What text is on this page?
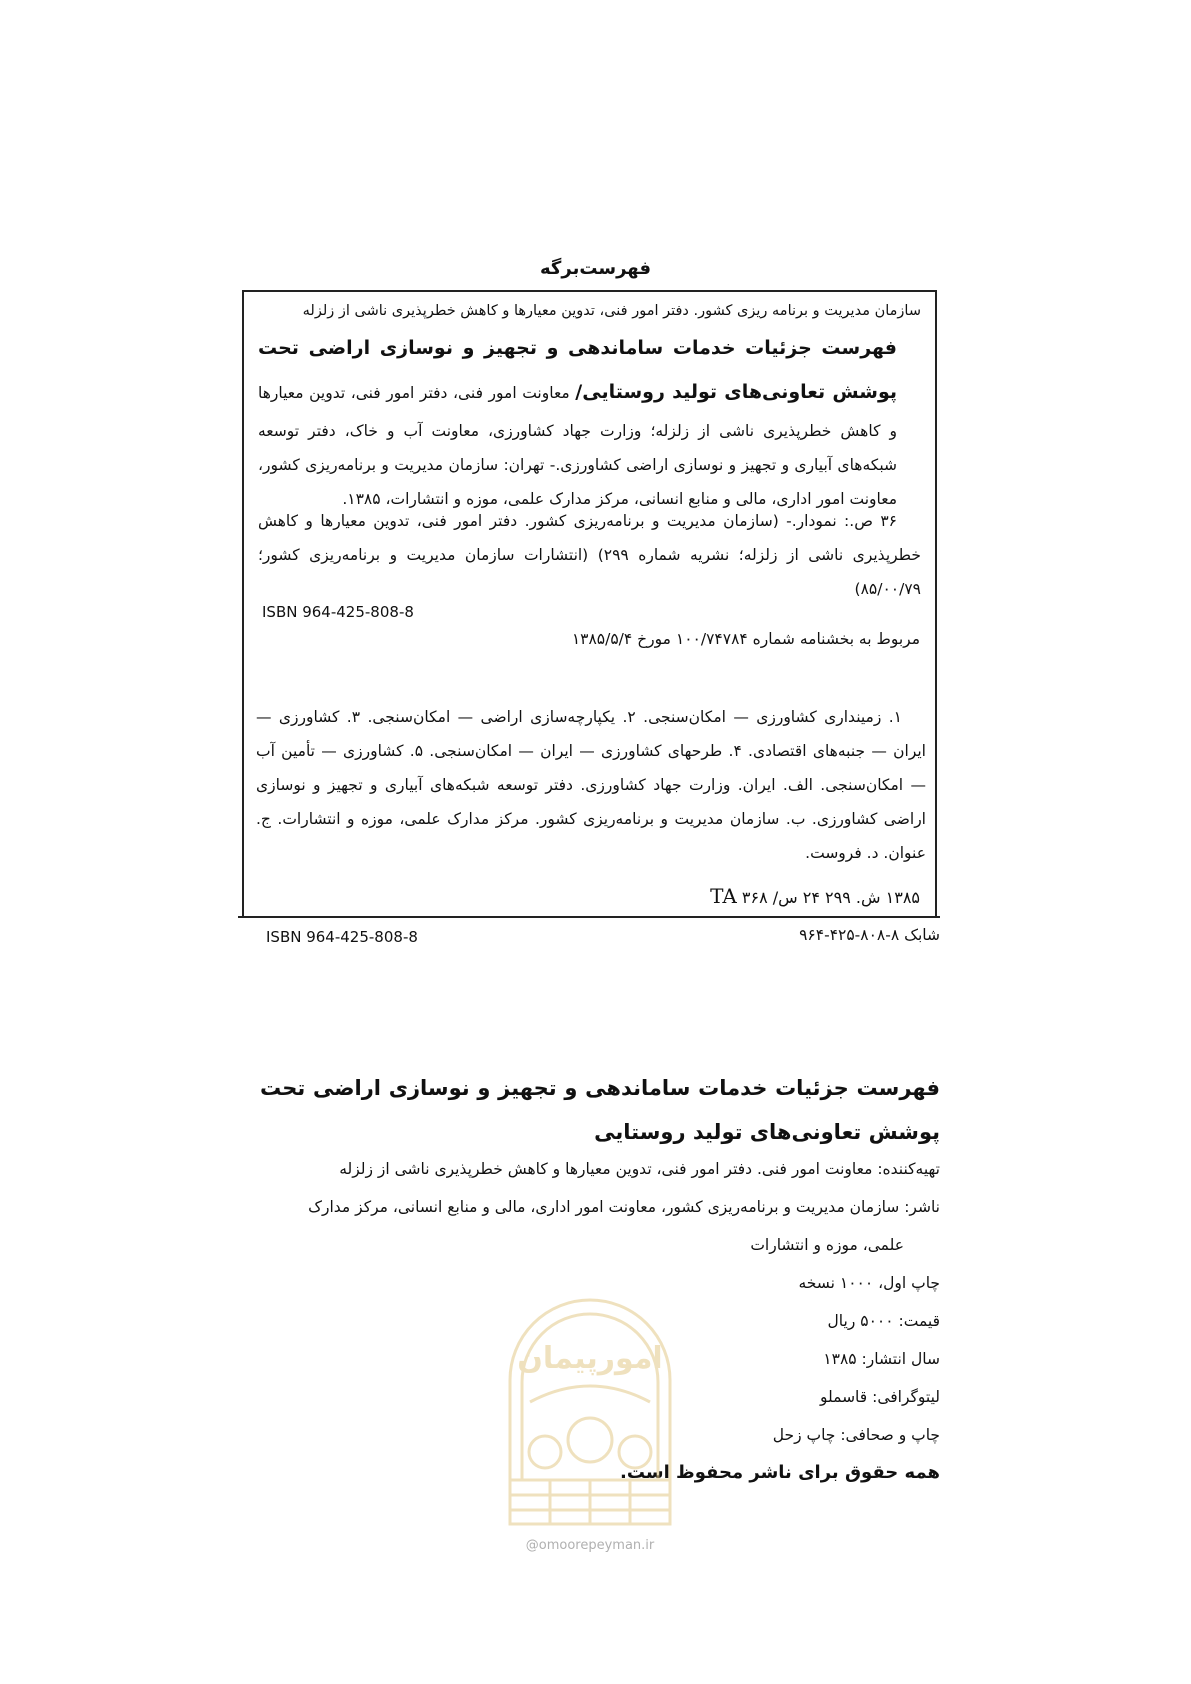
فهرست‌برگه
سازمان مدیریت و برنامه ریزی کشور. دفتر امور فنی، تدوین معیارها و کاهش خطرپذیری ناشی از زلزله
فهرست جزئیات خدمات ساماندهی و تجهیز و نوسازی اراضی تحت پوشش تعاونی‌های تولید روستایی/ معاونت امور فنی، دفتر امور فنی، تدوین معیارها و کاهش خطرپذیری ناشی از زلزله؛ وزارت جهاد کشاورزی، معاونت آب و خاک، دفتر توسعه شبکه‌های آبیاری و تجهیز و نوسازی اراضی کشاورزی.- تهران: سازمان مدیریت و برنامه‌ریزی کشور، معاونت امور اداری، مالی و منابع انسانی، مرکز مدارک علمی، موزه و انتشارات، ۱۳۸۵.
۳۶ ص.: نمودار.- (سازمان مدیریت و برنامه‌ریزی کشور. دفتر امور فنی، تدوین معیارها و کاهش خطرپذیری ناشی از زلزله؛ نشریه شماره ۲۹۹) (انتشارات سازمان مدیریت و برنامه‌ریزی کشور؛ ۸۵/۰۰/۷۹)
ISBN 964-425-808-8
مربوط به بخشنامه شماره ۱۰۰/۷۴۷۸۴ مورخ ۱۳۸۵/۵/۴
۱. زمینداری کشاورزی — امکان‌سنجی. ۲. یکپارچه‌سازی اراضی — امکان‌سنجی. ۳. کشاورزی — ایران — جنبه‌های اقتصادی. ۴. طرحهای کشاورزی — ایران — امکان‌سنجی. ۵. کشاورزی — تأمین آب — امکان‌سنجی. الف. ایران. وزارت جهاد کشاورزی. دفتر توسعه شبکه‌های آبیاری و تجهیز و نوسازی اراضی کشاورزی. ب. سازمان مدیریت و برنامه‌ریزی کشور. مرکز مدارک علمی، موزه و انتشارات. ج. عنوان. د. فروست.
۱۳۸۵ ش. ۲۹۹ ۲۴ س/ ۳۶۸ TA
ISBN 964-425-808-8	شابک ۸-۸۰۸-۴۲۵-۹۶۴
فهرست جزئیات خدمات ساماندهی و تجهیز و نوسازی اراضی تحت پوشش تعاونی‌های تولید روستایی
تهیه‌کننده: معاونت امور فنی. دفتر امور فنی، تدوین معیارها و کاهش خطرپذیری ناشی از زلزله
ناشر: سازمان مدیریت و برنامه‌ریزی کشور، معاونت امور اداری، مالی و منابع انسانی، مرکز مدارک
علمی، موزه و انتشارات
چاپ اول، ۱۰۰۰ نسخه
قیمت: ۵۰۰۰ ریال
سال انتشار: ۱۳۸۵
لیتوگرافی: قاسملو
چاپ و صحافی: چاپ زحل
همه حقوق برای ناشر محفوظ است.
امورپیمان
@omoorepeyman.ir
